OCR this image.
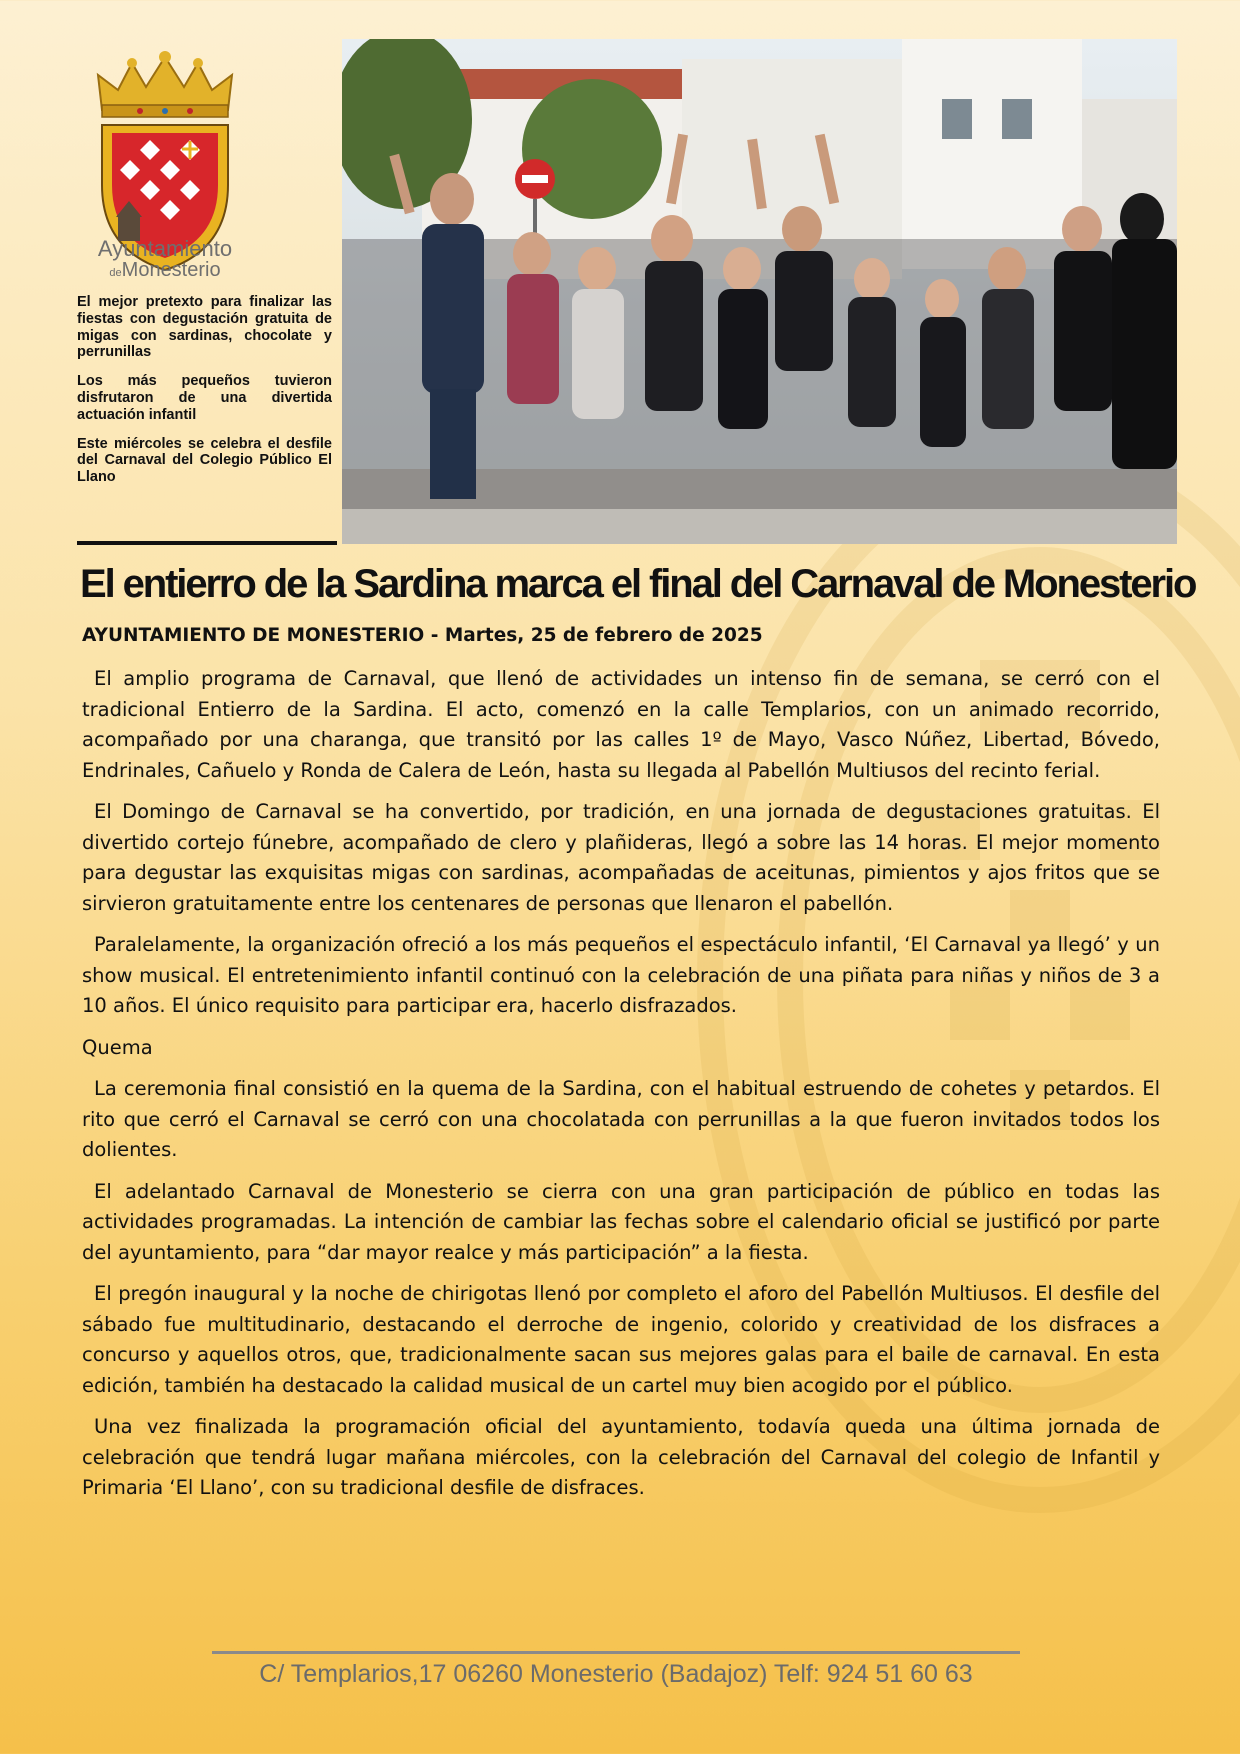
Ayuntamiento
deMonesterio

El mejor pretexto para finalizar las fiestas con degustación gratuita de migas con sardinas, chocolate y perrunillas

Los más pequeños tuvieron disfrutaron de una divertida actuación infantil

Este miércoles se celebra el desfile del Carnaval del Colegio Público El Llano

El entierro de la Sardina marca el final del Carnaval de Monesterio

AYUNTAMIENTO DE MONESTERIO - Martes, 25 de febrero de 2025

El amplio programa de Carnaval, que llenó de actividades un intenso fin de semana, se cerró con el tradicional Entierro de la Sardina. El acto, comenzó en la calle Templarios, con un animado recorrido, acompañado por una charanga, que transitó por las calles 1º de Mayo, Vasco Núñez, Libertad, Bóvedo, Endrinales, Cañuelo y Ronda de Calera de León, hasta su llegada al Pabellón Multiusos del recinto ferial.

El Domingo de Carnaval se ha convertido, por tradición, en una jornada de degustaciones gratuitas. El divertido cortejo fúnebre, acompañado de clero y plañideras, llegó a sobre las 14 horas. El mejor momento para degustar las exquisitas migas con sardinas, acompañadas de aceitunas, pimientos y ajos fritos que se sirvieron gratuitamente entre los centenares de personas que llenaron el pabellón.

Paralelamente, la organización ofreció a los más pequeños el espectáculo infantil, ‘El Carnaval ya llegó’ y un show musical. El entretenimiento infantil continuó con la celebración de una piñata para niñas y niños de 3 a 10 años. El único requisito para participar era, hacerlo disfrazados.

Quema

La ceremonia final consistió en la quema de la Sardina, con el habitual estruendo de cohetes y petardos. El rito que cerró el Carnaval se cerró con una chocolatada con perrunillas a la que fueron invitados todos los dolientes.

El adelantado Carnaval de Monesterio se cierra con una gran participación de público en todas las actividades programadas. La intención de cambiar las fechas sobre el calendario oficial se justificó por parte del ayuntamiento, para “dar mayor realce y más participación” a la fiesta.

El pregón inaugural y la noche de chirigotas llenó por completo el aforo del Pabellón Multiusos. El desfile del sábado fue multitudinario, destacando el derroche de ingenio, colorido y creatividad de los disfraces a concurso y aquellos otros, que, tradicionalmente sacan sus mejores galas para el baile de carnaval. En esta edición, también ha destacado la calidad musical de un cartel muy bien acogido por el público.

Una vez finalizada la programación oficial del ayuntamiento, todavía queda una última jornada de celebración que tendrá lugar mañana miércoles, con la celebración del Carnaval del colegio de Infantil y Primaria ‘El Llano’, con su tradicional desfile de disfraces.

C/ Templarios,17 06260 Monesterio (Badajoz) Telf: 924 51 60 63
